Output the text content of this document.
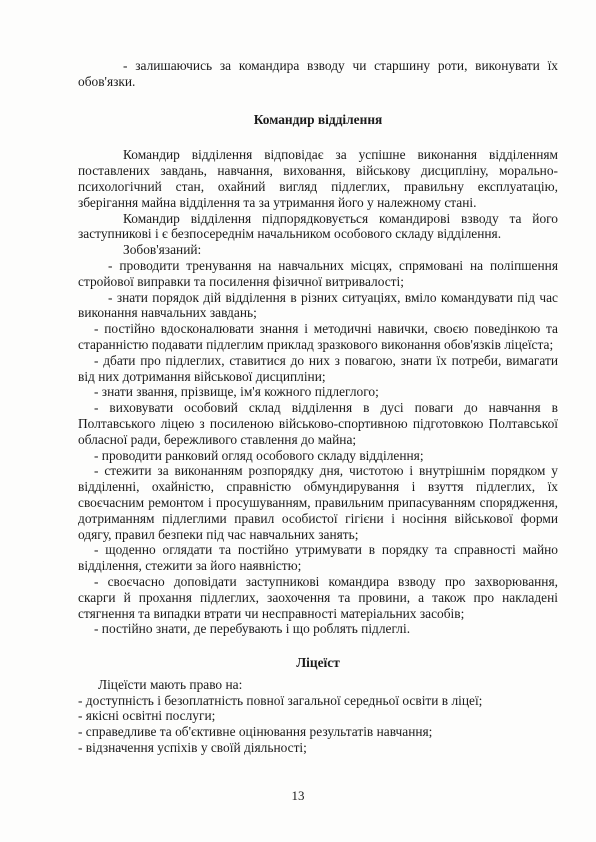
- залишаючись за командира взводу чи старшину роти, виконувати їх обов'язки.

Командир відділення

Командир відділення відповідає за успішне виконання відділенням поставлених завдань, навчання, виховання, військову дисципліну, морально-психологічний стан, охайний вигляд підлеглих, правильну експлуатацію, зберігання майна відділення та за утримання його у належному стані.

Командир відділення підпорядковується командирові взводу та його заступникові і є безпосереднім начальником особового складу відділення.

Зобов'язаний:

- проводити тренування на навчальних місцях, спрямовані на поліпшення стройової виправки та посилення фізичної витривалості;

- знати порядок дій відділення в різних ситуаціях, вміло командувати під час виконання навчальних завдань;

- постійно вдосконалювати знання і методичні навички, своєю поведінкою та старанністю подавати підлеглим приклад зразкового виконання обов'язків ліцеїста;

- дбати про підлеглих, ставитися до них з повагою, знати їх потреби, вимагати від них дотримання військової дисципліни;

- знати звання, прізвище, ім'я кожного підлеглого;

- виховувати особовий склад відділення в дусі поваги до навчання в Полтавського ліцею з посиленою військово-спортивною підготовкою Полтавської обласної ради, бережливого ставлення до майна;

- проводити ранковий огляд особового складу відділення;

- стежити за виконанням розпорядку дня, чистотою і внутрішнім порядком у відділенні, охайністю, справністю обмундирування і взуття підлеглих, їх своєчасним ремонтом і просушуванням, правильним припасуванням спорядження, дотриманням підлеглими правил особистої гігієни і носіння військової форми одягу, правил безпеки під час навчальних занять;

- щоденно оглядати та постійно утримувати в порядку та справності майно відділення, стежити за його наявністю;

- своєчасно доповідати заступникові командира взводу про захворювання, скарги й прохання підлеглих, заохочення та провини, а також про накладені стягнення та випадки втрати чи несправності матеріальних засобів;

- постійно знати, де перебувають і що роблять підлеглі.

Ліцеїст

Ліцеїсти мають право на:

- доступність і безоплатність повної загальної середньої освіти в ліцеї;

- якісні освітні послуги;

- справедливе та об'єктивне оцінювання результатів навчання;

- відзначення успіхів у своїй діяльності;

13
